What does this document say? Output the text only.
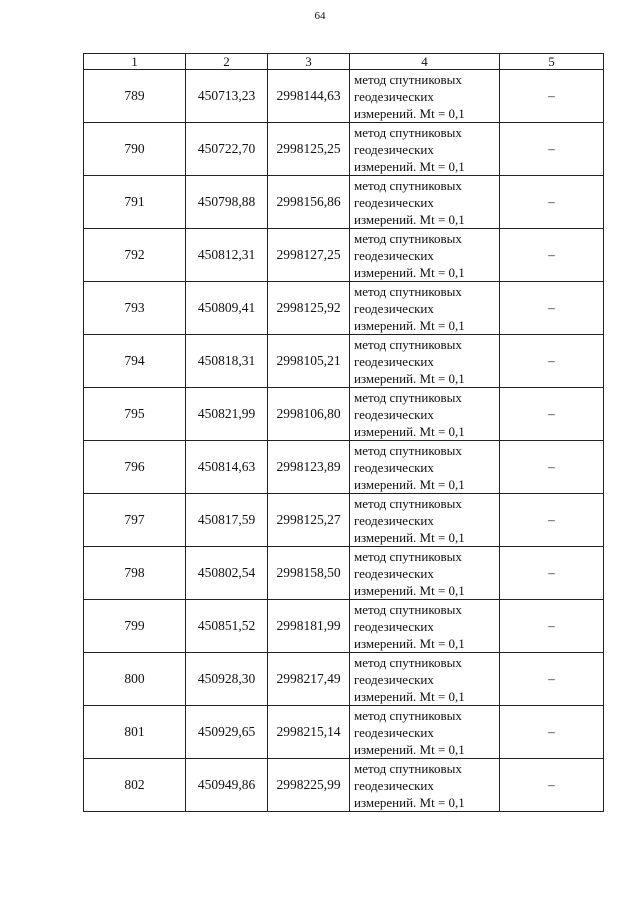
64
1	2	3	4	5
789	450713,23	2998144,63	метод спутниковых
геодезических
измерений. Mt = 0,1	–
790	450722,70	2998125,25	метод спутниковых
геодезических
измерений. Mt = 0,1	–
791	450798,88	2998156,86	метод спутниковых
геодезических
измерений. Mt = 0,1	–
792	450812,31	2998127,25	метод спутниковых
геодезических
измерений. Mt = 0,1	–
793	450809,41	2998125,92	метод спутниковых
геодезических
измерений. Mt = 0,1	–
794	450818,31	2998105,21	метод спутниковых
геодезических
измерений. Mt = 0,1	–
795	450821,99	2998106,80	метод спутниковых
геодезических
измерений. Mt = 0,1	–
796	450814,63	2998123,89	метод спутниковых
геодезических
измерений. Mt = 0,1	–
797	450817,59	2998125,27	метод спутниковых
геодезических
измерений. Mt = 0,1	–
798	450802,54	2998158,50	метод спутниковых
геодезических
измерений. Mt = 0,1	–
799	450851,52	2998181,99	метод спутниковых
геодезических
измерений. Mt = 0,1	–
800	450928,30	2998217,49	метод спутниковых
геодезических
измерений. Mt = 0,1	–
801	450929,65	2998215,14	метод спутниковых
геодезических
измерений. Mt = 0,1	–
802	450949,86	2998225,99	метод спутниковых
геодезических
измерений. Mt = 0,1	–
